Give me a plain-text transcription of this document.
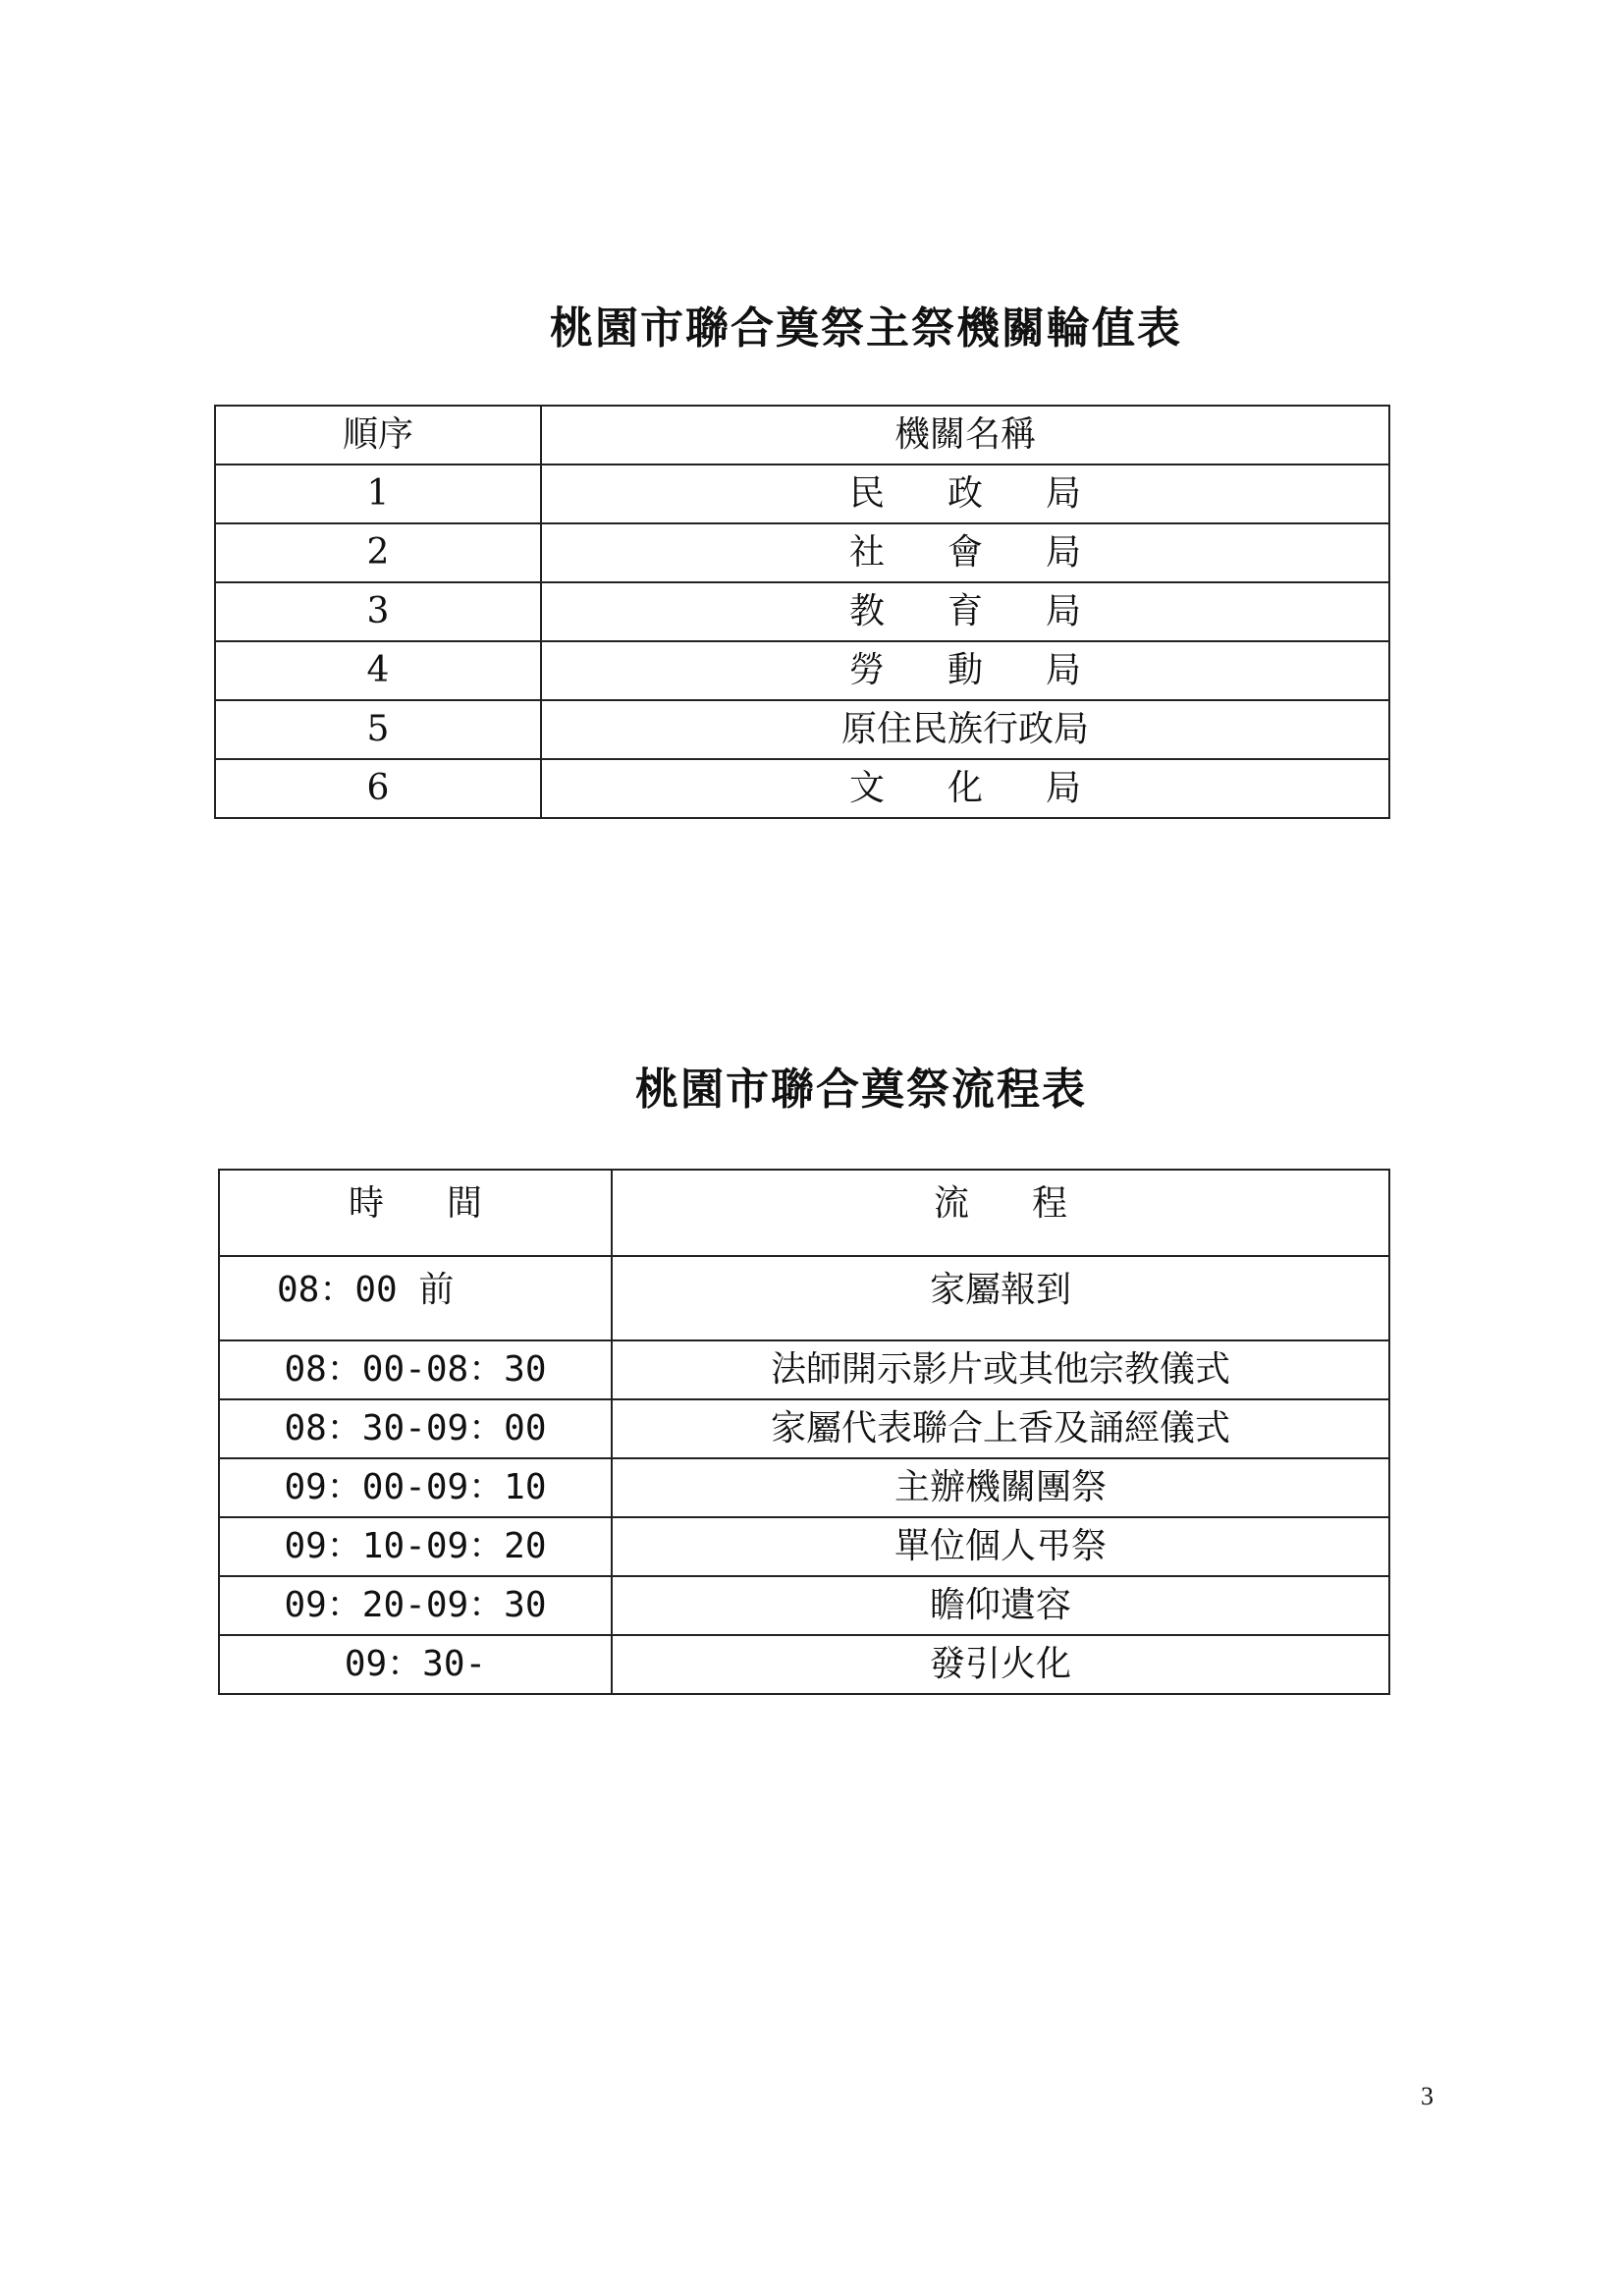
桃園市聯合奠祭主祭機關輪值表
順序	機關名稱
1	民政局
2	社會局
3	教育局
4	勞動局
5	原住民族行政局
6	文化局
桃園市聯合奠祭流程表
時間	流程
08：00 前	家屬報到
08：00-08：30	法師開示影片或其他宗教儀式
08：30-09：00	家屬代表聯合上香及誦經儀式
09：00-09：10	主辦機關團祭
09：10-09：20	單位個人弔祭
09：20-09：30	瞻仰遺容
09：30-	發引火化
3
